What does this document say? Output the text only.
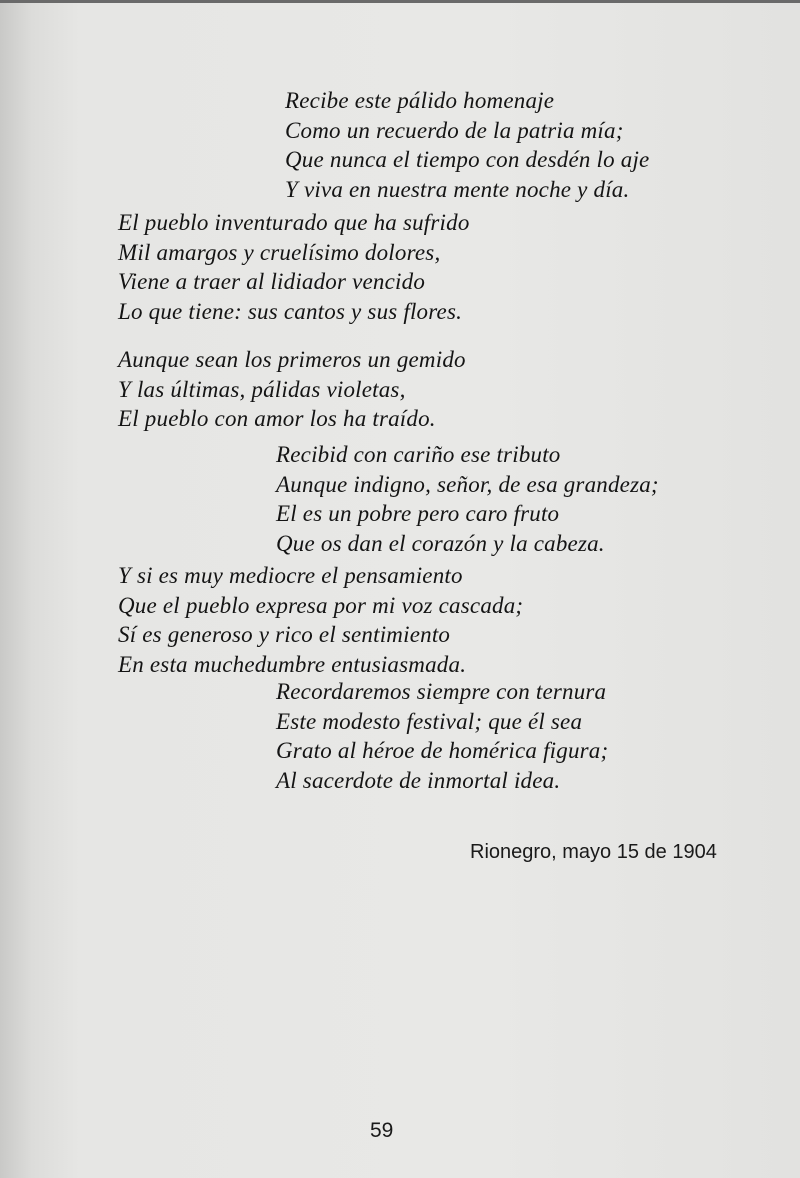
Recibe este pálido homenaje
Como un recuerdo de la patria mía;
Que nunca el tiempo con desdén lo aje
Y viva en nuestra mente noche y día.
El pueblo inventurado que ha sufrido
Mil amargos y cruelísimo dolores,
Viene a traer al lidiador vencido
Lo que tiene: sus cantos y sus flores.
Aunque sean los primeros un gemido
Y las últimas, pálidas violetas,
El pueblo con amor los ha traído.
Recibid con cariño ese tributo
Aunque indigno, señor, de esa grandeza;
El es un pobre pero caro fruto
Que os dan el corazón y la cabeza.
Y si es muy mediocre el pensamiento
Que el pueblo expresa por mi voz cascada;
Sí es generoso y rico el sentimiento
En esta muchedumbre entusiasmada.
Recordaremos siempre con ternura
Este modesto festival; que él sea
Grato al héroe de homérica figura;
Al sacerdote de inmortal idea.
Rionegro, mayo 15 de 1904
59
